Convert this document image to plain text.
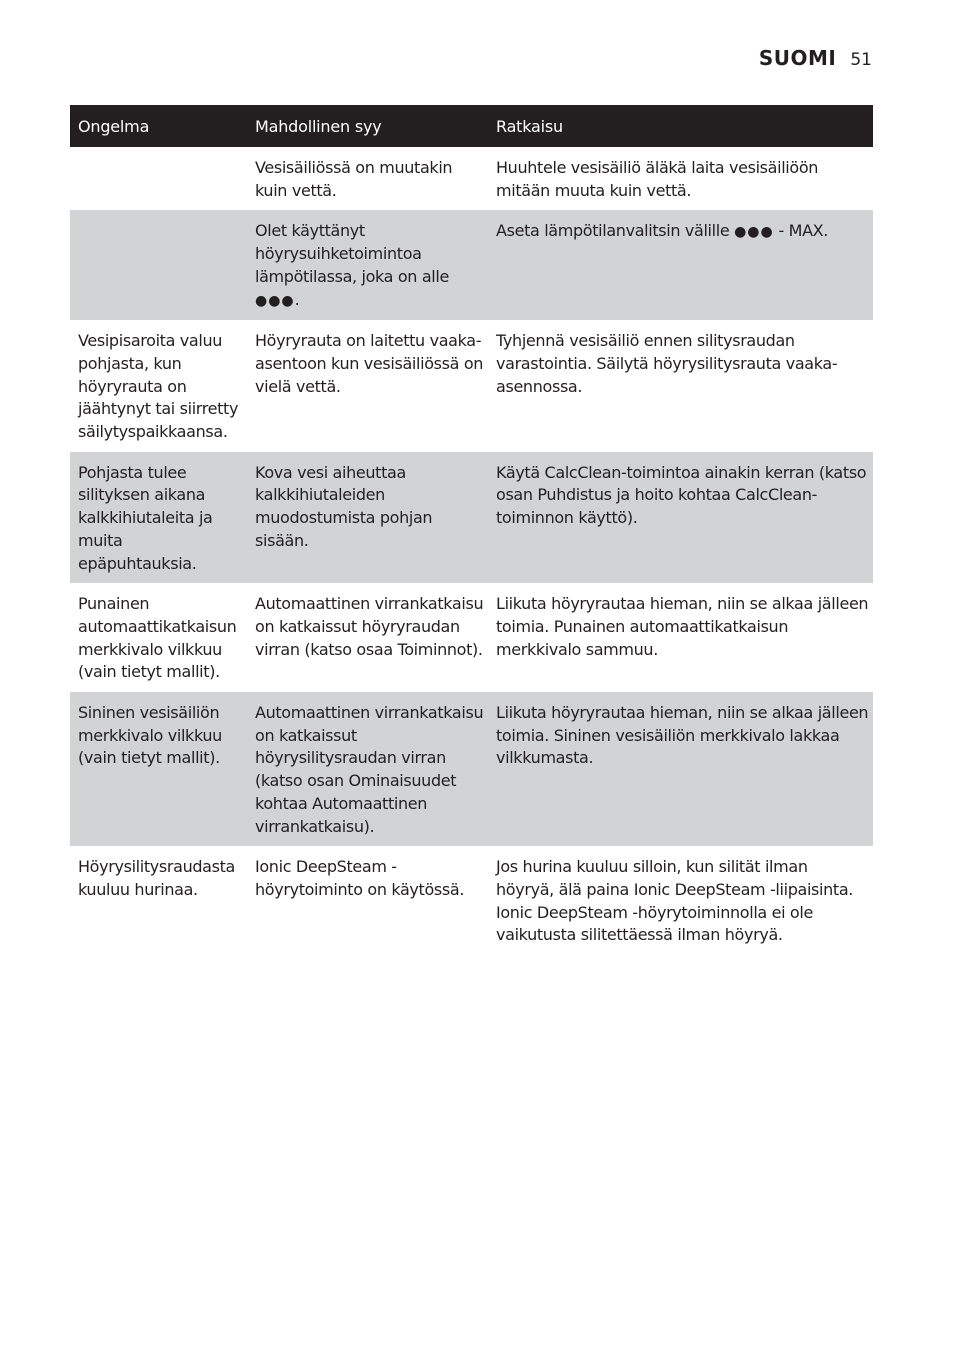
SUOMI 51
Ongelma	Mahdollinen syy	Ratkaisu
	Vesisäiliössä on muutakin kuin vettä.	Huuhtele vesisäiliö äläkä laita vesisäiliöön mitään muuta kuin vettä.
	Olet käyttänyt höyrysuihketoimintoa lämpötilassa, joka on alle ●●●.	Aseta lämpötilanvalitsin välille ●●● - MAX.
Vesipisaroita valuu pohjasta, kun höyryrauta on jäähtynyt tai siirretty säilytyspaikkaansa.	Höyryrauta on laitettu vaaka-asentoon kun vesisäiliössä on vielä vettä.	Tyhjennä vesisäiliö ennen silitysraudan varastointia. Säilytä höyrysilitysrauta vaaka-asennossa.
Pohjasta tulee silityksen aikana kalkkihiutaleita ja muita epäpuhtauksia.	Kova vesi aiheuttaa kalkkihiutaleiden muodostumista pohjan sisään.	Käytä CalcClean-toimintoa ainakin kerran (katso osan Puhdistus ja hoito kohtaa CalcClean-toiminnon käyttö).
Punainen automaattikatkaisun merkkivalo vilkkuu (vain tietyt mallit).	Automaattinen virrankatkaisu on katkaissut höyryraudan virran (katso osaa Toiminnot).	Liikuta höyryrautaa hieman, niin se alkaa jälleen toimia. Punainen automaattikatkaisun merkkivalo sammuu.
Sininen vesisäiliön merkkivalo vilkkuu (vain tietyt mallit).	Automaattinen virrankatkaisu on katkaissut höyrysilitysraudan virran (katso osan Ominaisuudet kohtaa Automaattinen virrankatkaisu).	Liikuta höyryrautaa hieman, niin se alkaa jälleen toimia. Sininen vesisäiliön merkkivalo lakkaa vilkkumasta.
Höyrysilitysraudasta kuuluu hurinaa.	Ionic DeepSteam -höyrytoiminto on käytössä.	Jos hurina kuuluu silloin, kun silität ilman höyryä, älä paina Ionic DeepSteam -liipaisinta. Ionic DeepSteam -höyrytoiminnolla ei ole vaikutusta silitettäessä ilman höyryä.
